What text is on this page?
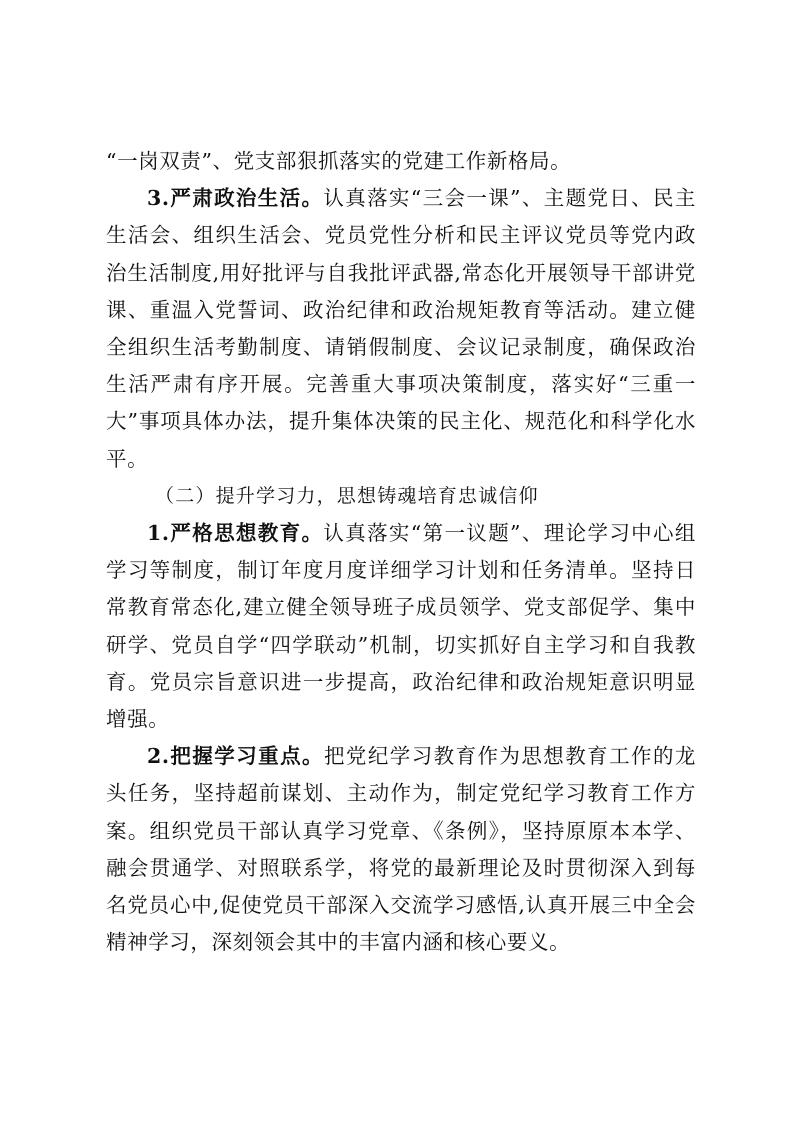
“一岗双责”、党支部狠抓落实的党建工作新格局。

3.严肃政治生活。认真落实“三会一课”、主题党日、民主生活会、组织生活会、党员党性分析和民主评议党员等党内政治生活制度,用好批评与自我批评武器,常态化开展领导干部讲党课、重温入党誓词、政治纪律和政治规矩教育等活动。建立健全组织生活考勤制度、请销假制度、会议记录制度，确保政治生活严肃有序开展。完善重大事项决策制度，落实好“三重一大”事项具体办法，提升集体决策的民主化、规范化和科学化水平。

（二）提升学习力，思想铸魂培育忠诚信仰

1.严格思想教育。认真落实“第一议题”、理论学习中心组学习等制度，制订年度月度详细学习计划和任务清单。坚持日常教育常态化,建立健全领导班子成员领学、党支部促学、集中研学、党员自学“四学联动”机制，切实抓好自主学习和自我教育。党员宗旨意识进一步提高，政治纪律和政治规矩意识明显增强。

2.把握学习重点。把党纪学习教育作为思想教育工作的龙头任务，坚持超前谋划、主动作为，制定党纪学习教育工作方案。组织党员干部认真学习党章、《条例》，坚持原原本本学、融会贯通学、对照联系学，将党的最新理论及时贯彻深入到每名党员心中,促使党员干部深入交流学习感悟,认真开展三中全会精神学习，深刻领会其中的丰富内涵和核心要义。
